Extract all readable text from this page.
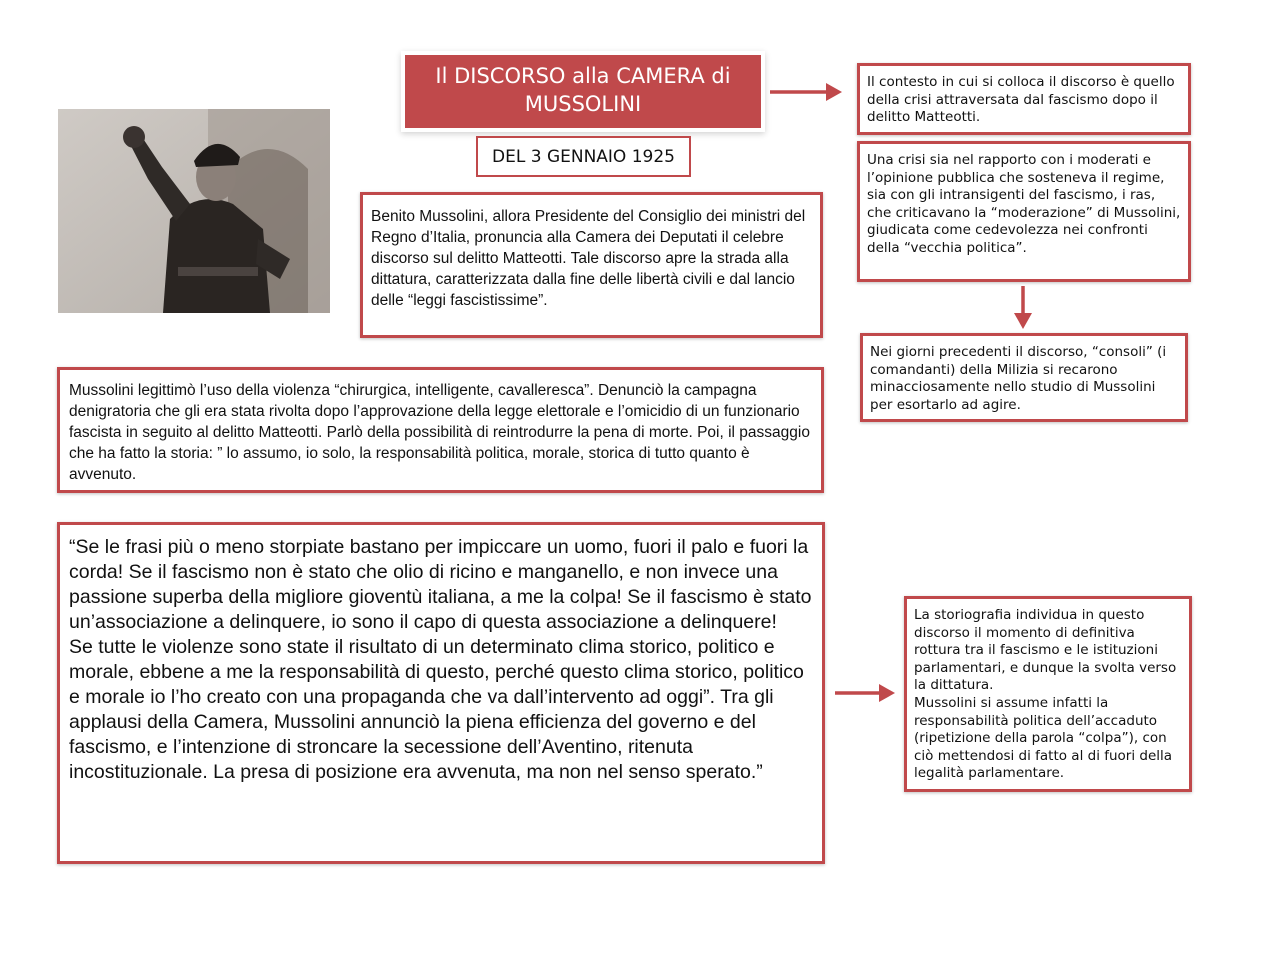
Il DISCORSO alla CAMERA di
MUSSOLINI
DEL 3 GENNAIO 1925
Benito Mussolini, allora Presidente del Consiglio dei ministri del Regno d’Italia, pronuncia alla Camera dei Deputati il celebre discorso sul delitto Matteotti. Tale discorso apre la strada alla dittatura, caratterizzata dalla fine delle libertà civili e dal lancio delle “leggi fascistissime”.
Mussolini legittimò l’uso della violenza “chirurgica, intelligente, cavalleresca”. Denunciò la campagna denigratoria che gli era stata rivolta dopo l’approvazione della legge elettorale e l’omicidio di un funzionario fascista in seguito al delitto Matteotti. Parlò della possibilità di reintrodurre la pena di morte. Poi, il passaggio che ha fatto la storia: ” lo assumo, io solo, la responsabilità politica, morale, storica di tutto quanto è avvenuto.

“Se le frasi più o meno storpiate bastano per impiccare un uomo, fuori il palo e fuori la corda! Se il fascismo non è stato che olio di ricino e manganello, e non invece una passione superba della migliore gioventù italiana, a me la colpa! Se il fascismo è stato un’associazione a delinquere, io sono il capo di questa associazione a delinquere!

Se tutte le violenze sono state il risultato di un determinato clima storico, politico e morale, ebbene a me la responsabilità di questo, perché questo clima storico, politico e morale io l’ho creato con una propaganda che va dall’intervento ad oggi”. Tra gli applausi della Camera, Mussolini annunciò la piena efficienza del governo e del fascismo, e l’intenzione di stroncare la secessione dell’Aventino, ritenuta incostituzionale. La presa di posizione era avvenuta, ma non nel senso sperato.”

Il contesto in cui si colloca il discorso è quello della crisi attraversata dal fascismo dopo il delitto Matteotti.
Una crisi sia nel rapporto con i moderati e l’opinione pubblica che sosteneva il regime, sia con gli intransigenti del fascismo, i ras, che criticavano la “moderazione” di Mussolini, giudicata come cedevolezza nei confronti della “vecchia politica”.
Nei giorni precedenti il discorso, “consoli” (i comandanti) della Milizia si recarono minacciosamente nello studio di Mussolini per esortarlo ad agire.
La storiografia individua in questo discorso il momento di definitiva rottura tra il fascismo e le istituzioni parlamentari, e dunque la svolta verso la dittatura.
Mussolini si assume infatti la responsabilità politica dell’accaduto (ripetizione della parola “colpa”), con ciò mettendosi di fatto al di fuori della legalità parlamentare.
